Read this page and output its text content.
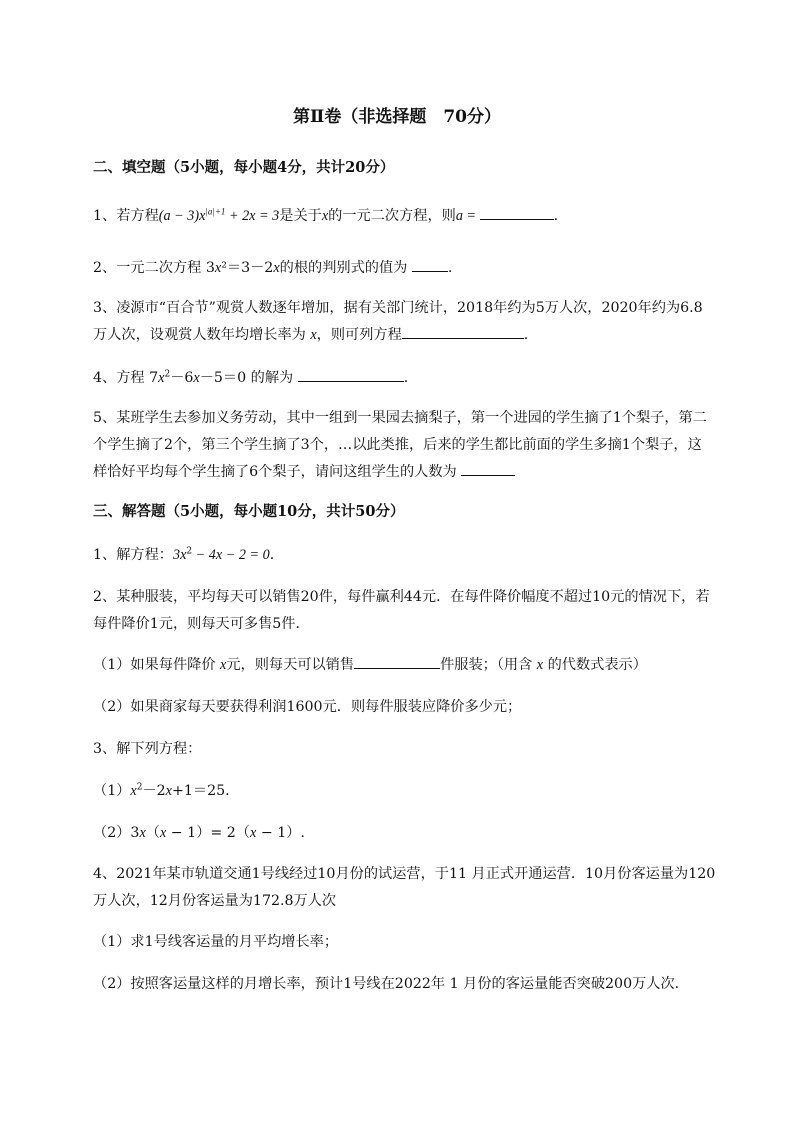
第Ⅱ卷（非选择题　70分）
二、填空题（5小题，每小题4分，共计20分）
1、若方程$(a - 3)x^{|a|+1} + 2x = 3$是关于x的一元二次方程，则a =	.
2、一元二次方程 3x²＝3－2x的根的判别式的值为	.
3、凌源市“百合节”观赏人数逐年增加，据有关部门统计，2018年约为5万人次，2020年约为6.8
万人次，设观赏人数年均增长率为 x，则可列方程	.
4、方程 $7x^2-6x-5=0$ 的解为	.
5、某班学生去参加义务劳动，其中一组到一果园去摘梨子，第一个进园的学生摘了1个梨子，第二
个学生摘了2个，第三个学生摘了3个，…以此类推，后来的学生都比前面的学生多摘1个梨子，这
样恰好平均每个学生摘了6个梨子，请问这组学生的人数为
三、解答题（5小题，每小题10分，共计50分）
1、解方程：$3x^2 - 4x - 2 = 0$．
2、某种服装，平均每天可以销售20件，每件赢利44元．在每件降价幅度不超过10元的情况下，若
每件降价1元，则每天可多售5件．
（1）如果每件降价 x元，则每天可以销售	件服装；（用含 x 的代数式表示）
（2）如果商家每天要获得利润1600元．则每件服装应降价多少元；
3、解下列方程：
$(1)x^2-2x+1=25$.
（2）3x（x − 1）= 2（x − 1）.
4、2021年某市轨道交通1号线经过10月份的试运营，于11 月正式开通运营．10月份客运量为120
万人次，12月份客运量为172.8万人次
（1）求1号线客运量的月平均增长率；
（2）按照客运量这样的月增长率，预计1号线在2022年 1 月份的客运量能否突破200万人次．
